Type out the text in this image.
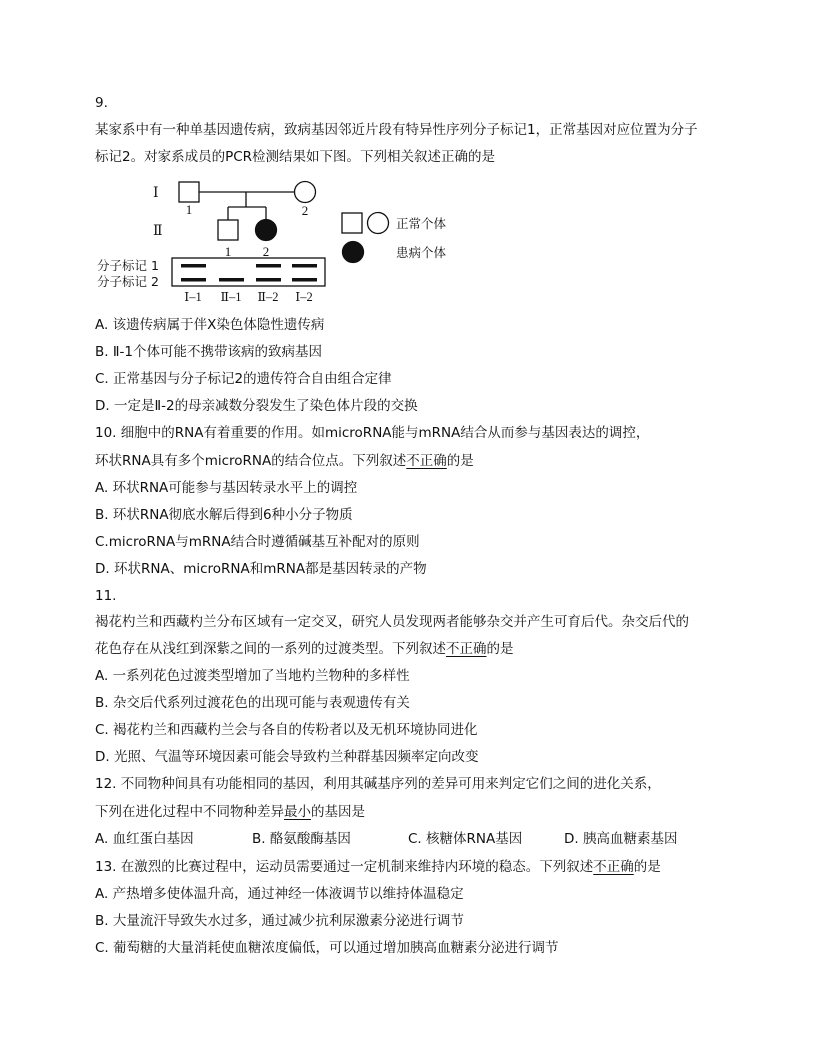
9.
某家系中有一种单基因遗传病，致病基因邻近片段有特异性序列分子标记1，正常基因对应位置为分子
标记2。对家系成员的PCR检测结果如下图。下列相关叙述正确的是
Ⅰ
Ⅱ
1	2
1 2
正常个体
患病个体
分子标记 1
分子标记 2
Ⅰ–1 Ⅱ–1 Ⅱ–2 Ⅰ–2
A. 该遗传病属于伴X染色体隐性遗传病
B. Ⅱ-1个体可能不携带该病的致病基因
C. 正常基因与分子标记2的遗传符合自由组合定律
D. 一定是Ⅱ-2的母亲减数分裂发生了染色体片段的交换
10. 细胞中的RNA有着重要的作用。如microRNA能与mRNA结合从而参与基因表达的调控，
环状RNA具有多个microRNA的结合位点。下列叙述不正确的是
A. 环状RNA可能参与基因转录水平上的调控
B. 环状RNA彻底水解后得到6种小分子物质
C.microRNA与mRNA结合时遵循碱基互补配对的原则
D. 环状RNA、microRNA和mRNA都是基因转录的产物
11.
褐花杓兰和西藏杓兰分布区域有一定交叉，研究人员发现两者能够杂交并产生可育后代。杂交后代的
花色存在从浅红到深紫之间的一系列的过渡类型。下列叙述不正确的是
A. 一系列花色过渡类型增加了当地杓兰物种的多样性
B. 杂交后代系列过渡花色的出现可能与表观遗传有关
C. 褐花杓兰和西藏杓兰会与各自的传粉者以及无机环境协同进化
D. 光照、气温等环境因素可能会导致杓兰种群基因频率定向改变
12. 不同物种间具有功能相同的基因，利用其碱基序列的差异可用来判定它们之间的进化关系，
下列在进化过程中不同物种差异最小的基因是
A. 血红蛋白基因	B. 酪氨酸酶基因	C. 核糖体RNA基因	D. 胰高血糖素基因
13. 在激烈的比赛过程中，运动员需要通过一定机制来维持内环境的稳态。下列叙述不正确的是
A. 产热增多使体温升高，通过神经一体液调节以维持体温稳定
B. 大量流汗导致失水过多，通过减少抗利尿激素分泌进行调节
C. 葡萄糖的大量消耗使血糖浓度偏低，可以通过增加胰高血糖素分泌进行调节
